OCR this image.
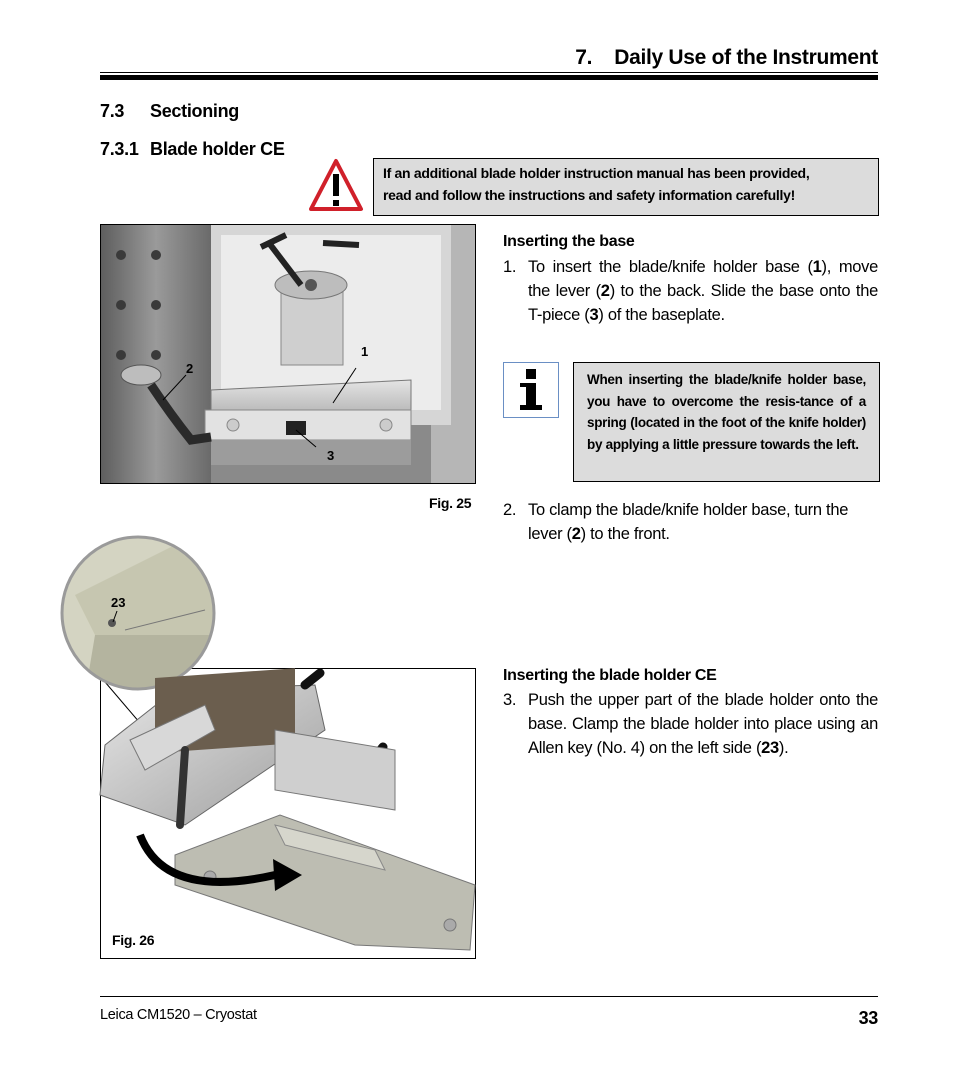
7. Daily Use of the Instrument
7.3 Sectioning
7.3.1 Blade holder CE
If an additional blade holder instruction manual has been provided,
read and follow the instructions and safety information carefully!
1
2
3
Fig. 25
Inserting the base
1. To insert the blade/knife holder base (1), move the lever (2) to the back. Slide the base onto the T-piece (3) of the baseplate.
When inserting the blade/knife holder base, you have to overcome the resis-tance of a spring (located in the foot of the knife holder) by applying a little pressure towards the left.
2. To clamp the blade/knife holder base, turn the lever (2) to the front.
Inserting the blade holder CE
3. Push the upper part of the blade holder onto the base. Clamp the blade holder into place using an Allen key (No. 4) on the left side (23).
23
Fig. 26
Leica CM1520 – Cryostat	33
